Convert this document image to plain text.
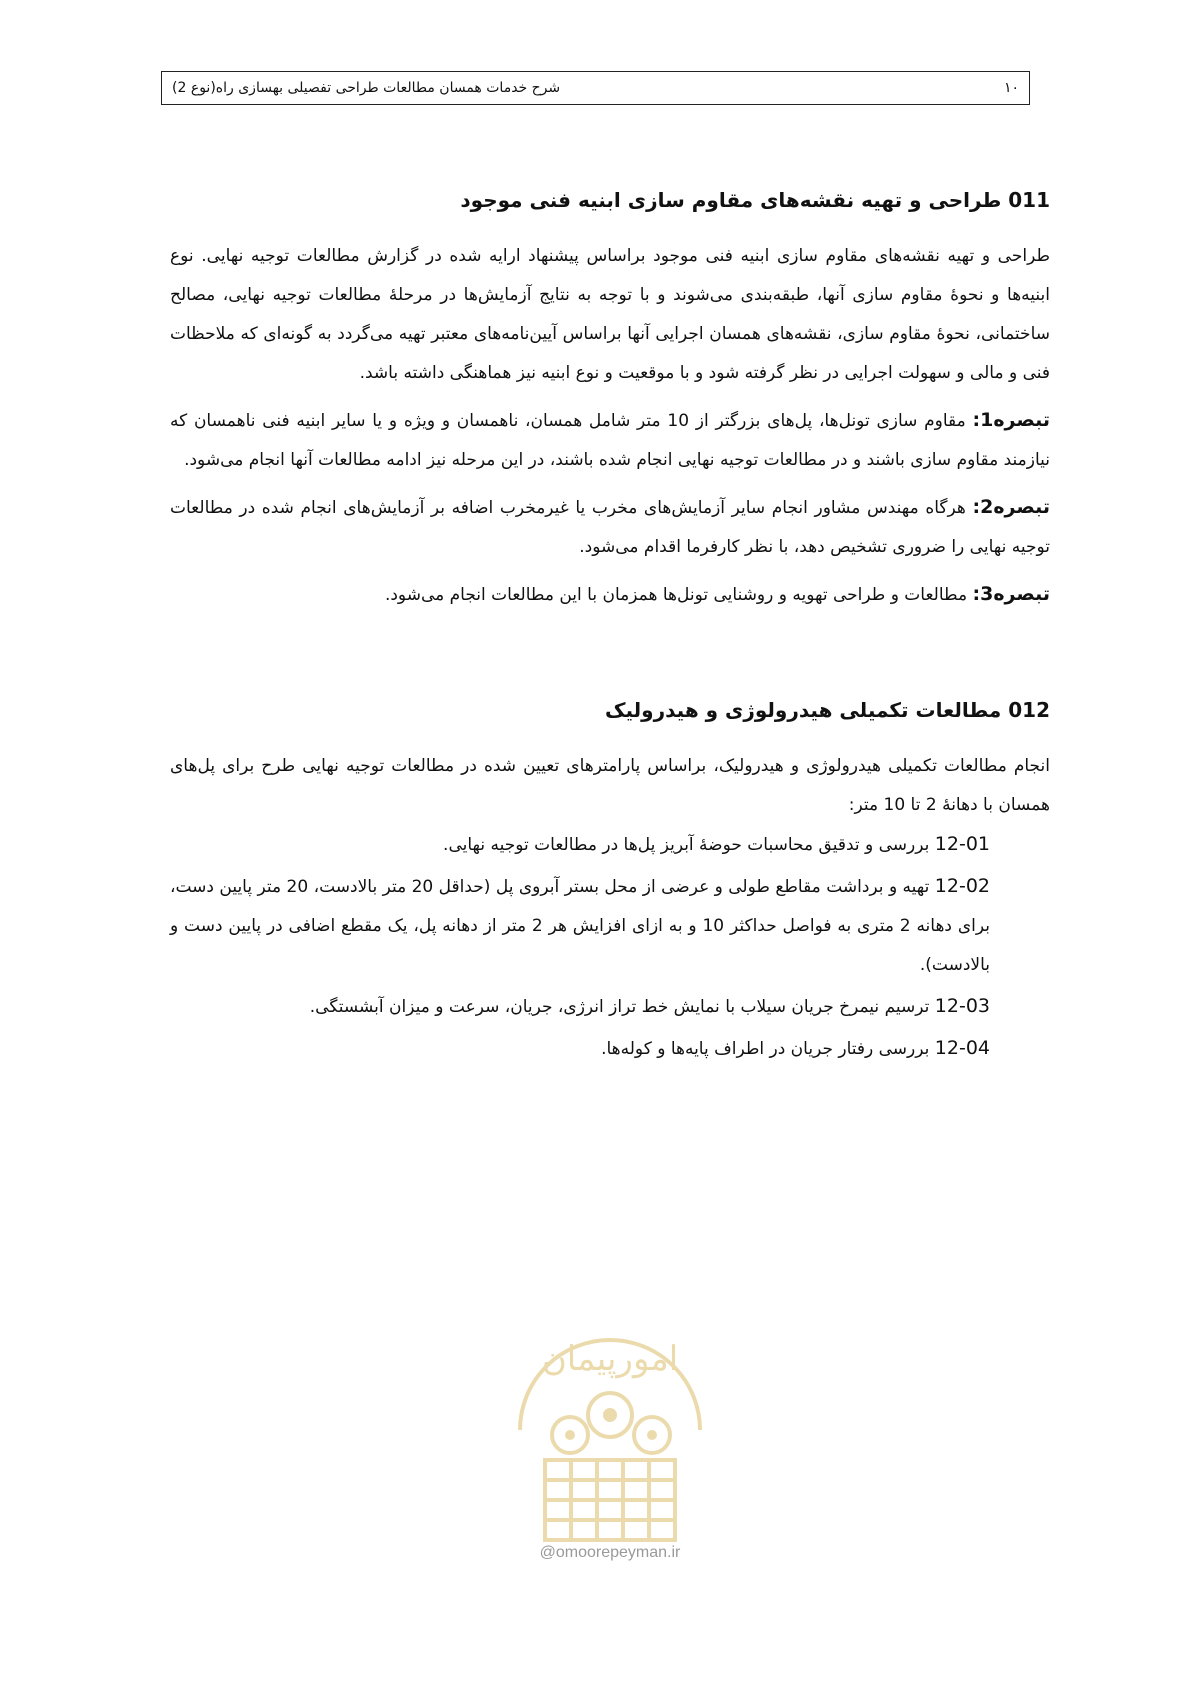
شرح خدمات همسان مطالعات طراحی تفصیلی بهسازی راه(نوع 2)	۱۰
011 طراحی و تهیه نقشه‌های مقاوم سازی ابنیه فنی موجود

طراحی و تهیه نقشه‌های مقاوم سازی ابنیه فنی موجود براساس پیشنهاد ارایه شده در گزارش مطالعات توجیه نهایی. نوع ابنیه‌ها و نحوۀ مقاوم سازی آنها، طبقه‌بندی می‌شوند و با توجه به نتایج آزمایش‌ها در مرحلۀ مطالعات توجیه نهایی، مصالح ساختمانی، نحوۀ مقاوم سازی، نقشه‌های همسان اجرایی آنها براساس آیین‌نامه‌های معتبر تهیه می‌گردد به گونه‌ای که ملاحظات فنی و مالی و سهولت اجرایی در نظر گرفته شود و با موقعیت و نوع ابنیه نیز هماهنگی داشته باشد.

تبصره1: مقاوم سازی تونل‌ها، پل‌های بزرگتر از 10 متر شامل همسان، ناهمسان و ویژه و یا سایر ابنیه فنی ناهمسان که نیازمند مقاوم سازی باشند و در مطالعات توجیه نهایی انجام شده باشند، در این مرحله نیز ادامه مطالعات آنها انجام می‌شود.

تبصره2: هرگاه مهندس مشاور انجام سایر آزمایش‌های مخرب یا غیرمخرب اضافه بر آزمایش‌های انجام شده در مطالعات توجیه نهایی را ضروری تشخیص دهد، با نظر کارفرما اقدام می‌شود.

تبصره3: مطالعات و طراحی تهویه و روشنایی تونل‌ها همزمان با این مطالعات انجام می‌شود.

012 مطالعات تکمیلی هیدرولوژی و هیدرولیک

انجام مطالعات تکمیلی هیدرولوژی و هیدرولیک، براساس پارامترهای تعیین شده در مطالعات توجیه نهایی طرح برای پل‌های همسان با دهانۀ 2 تا 10 متر:

12-01 بررسی و تدقیق محاسبات حوضۀ آبریز پل‌ها در مطالعات توجیه نهایی.

12-02 تهیه و برداشت مقاطع طولی و عرضی از محل بستر آبروی پل (حداقل 20 متر بالادست، 20 متر پایین دست، برای دهانه 2 متری به فواصل حداکثر 10 و به ازای افزایش هر 2 متر از دهانه پل، یک مقطع اضافی در پایین دست و بالادست).

12-03 ترسیم نیمرخ جریان سیلاب با نمایش خط تراز انرژی، جریان، سرعت و میزان آبشستگی.

12-04 بررسی رفتار جریان در اطراف پایه‌ها و کوله‌ها.

امورپیمان
@omoorepeyman.ir
